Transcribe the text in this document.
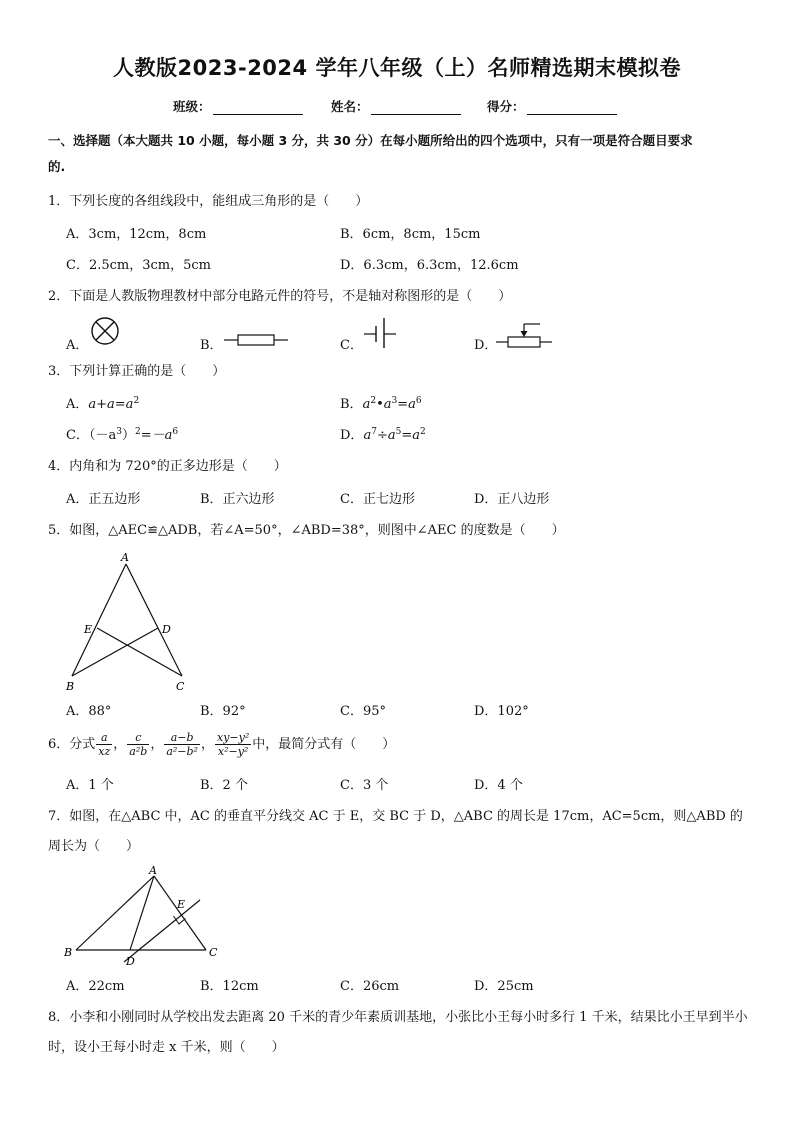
人教版2023-2024 学年八年级（上）名师精选期末模拟卷
班级：	姓名：	得分：
一、选择题（本大题共 10 小题，每小题 3 分，共 30 分）在每小题所给出的四个选项中，只有一项是符合题目要求
的.
1．下列长度的各组线段中，能组成三角形的是（　　）
A．3cm，12cm，8cm	B．6cm，8cm，15cm
C．2.5cm，3cm，5cm	D．6.3cm，6.3cm，12.6cm
2．下面是人教版物理教材中部分电路元件的符号，不是轴对称图形的是（　　）
A．	B．	C．	D．
3．下列计算正确的是（　　）
A．$a+a=a^2$	B．$a^2•a^3=a^6$
C．$(-a^3)^2=-a^6$	D．$a^7\div a^5=a^2$
4．内角和为 720°的正多边形是（　　）
A．正五边形	B．正六边形	C．正七边形	D．正八边形
5．如图，△AEC≌△ADB，若∠A=50°，∠ABD=38°，则图中∠AEC 的度数是（　　）
A
E	D
B	C
A．88°	B．92°	C．95°	D．102°
6．分式 $\frac{a}{xz}$ ， $\frac{c}{\text{a²b}}$ ， $\frac{a-b}{\text{a²−b²}}$ ， $\frac{\text{xy−y²}}{\text{x²−y²}}$ 中，最简分式有（　　）
A．1 个	B．2 个	C．3 个	D．4 个
7．如图，在△ABC 中，AC 的垂直平分线交 AC 于 E，交 BC 于 D，△ABC 的周长是 17cm，AC=5cm，则△ABD 的周长为（　　）
A
E
B
D
C
A．22cm	B．12cm	C．26cm	D．25cm
8．小李和小刚同时从学校出发去距离 20 千米的青少年素质训基地，小张比小王每小时多行 1 千米，结果比小王早到半小时，设小王每小时走 x 千米，则（　　）
